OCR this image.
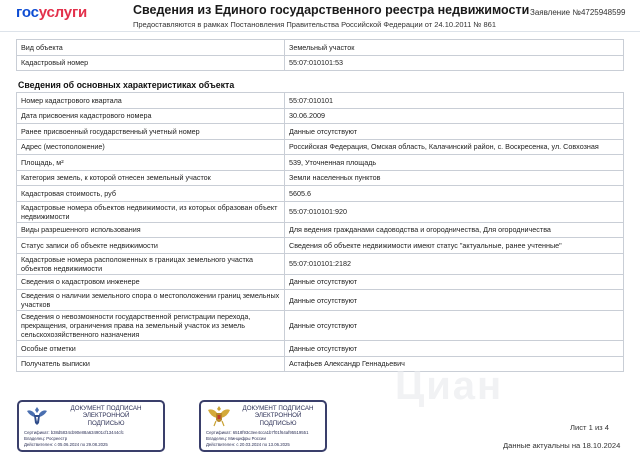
госуслуги	Сведения из Единого государственного реестра недвижимости
Предоставляются в рамках Постановления Правительства Российской Федерации от 24.10.2011 № 861
Заявление №4725948599
Вид объекта	Земельный участок
Кадастровый номер	55:07:010101:53
Сведения об основных характеристиках объекта
Номер кадастрового квартала	55:07:010101
Дата присвоения кадастрового номера	30.06.2009
Ранее присвоенный государственный учетный номер	Данные отсутствуют
Адрес (местоположение)	Российская Федерация, Омская область, Калачинский район, с. Воскресенка, ул. Совхозная
Площадь, м²	539, Уточненная площадь
Категория земель, к которой отнесен земельный участок	Земли населенных пунктов
Кадастровая стоимость, руб	5605.6
Кадастровые номера объектов недвижимости, из которых образован объект недвижимости	55:07:010101:920
Виды разрешенного использования	Для ведения гражданами садоводства и огородничества, Для огородничества
Статус записи об объекте недвижимости	Сведения об объекте недвижимости имеют статус "актуальные, ранее учтенные"
Кадастровые номера расположенных в границах земельного участка объектов недвижимости	55:07:010101:2182
Сведения о кадастровом инженере	Данные отсутствуют
Сведения о наличии земельного спора о местоположении границ земельных участков	Данные отсутствуют
Сведения о невозможности государственной регистрации перехода, прекращения, ограничения права на земельный участок из земель сельскохозяйственного назначения	Данные отсутствуют
Особые отметки	Данные отсутствуют
Получатель выписки	Астафьев Александр Геннадьевич
Циан
ДОКУМЕНТ ПОДПИСАН
ЭЛЕКТРОННОЙ
ПОДПИСЬЮ
Сертификат: b38d5834cb90e88a634901cf13444cfc
Владелец: Росреестр
Действителен: с 05.06.2024 по 29.08.2025
ДОКУМЕНТ ПОДПИСАН
ЭЛЕКТРОННОЙ
ПОДПИСЬЮ
Сертификат: 6518f93c3ee4cca1b7f01f64af95519551
Владелец: Минцифры России
Действителен: с 20.03.2024 по 13.06.2025
Лист 1 из 4
Данные актуальны на 18.10.2024
